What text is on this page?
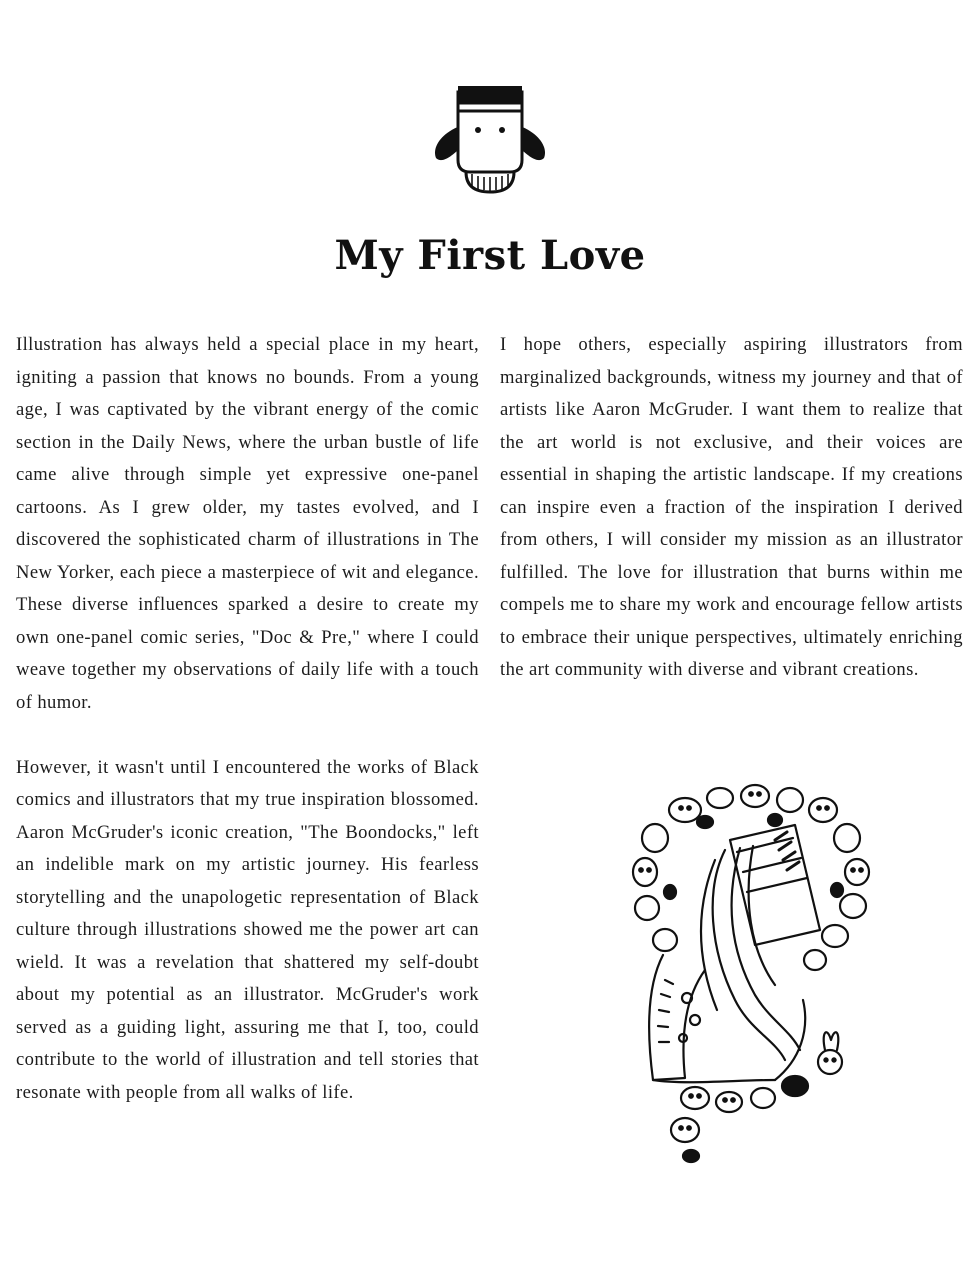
My First Love

Illustration has always held a special place in my heart, igniting a passion that knows no bounds. From a young age, I was captivated by the vibrant energy of the comic section in the Daily News, where the urban bustle of life came alive through simple yet expressive one-panel cartoons. As I grew older, my tastes evolved, and I discovered the sophisticated charm of illustrations in The New Yorker, each piece a masterpiece of wit and elegance. These diverse influences sparked a desire to create my own one-panel comic series, "Doc & Pre," where I could weave together my observations of daily life with a touch of humor.

However, it wasn't until I encountered the works of Black comics and illustrators that my true inspiration blossomed. Aaron McGruder's iconic creation, "The Boondocks," left an indelible mark on my artistic journey. His fearless storytelling and the unapologetic representation of Black culture through illustrations showed me the power art can wield. It was a revelation that shattered my self-doubt about my potential as an illustrator. McGruder's work served as a guiding light, assuring me that I, too, could contribute to the world of illustration and tell stories that resonate with people from all walks of life.

I hope others, especially aspiring illustrators from marginalized backgrounds, witness my journey and that of artists like Aaron McGruder. I want them to realize that the art world is not exclusive, and their voices are essential in shaping the artistic landscape. If my creations can inspire even a fraction of the inspiration I derived from others, I will consider my mission as an illustrator fulfilled. The love for illustration that burns within me compels me to share my work and encourage fellow artists to embrace their unique perspectives, ultimately enriching the art community with diverse and vibrant creations.
